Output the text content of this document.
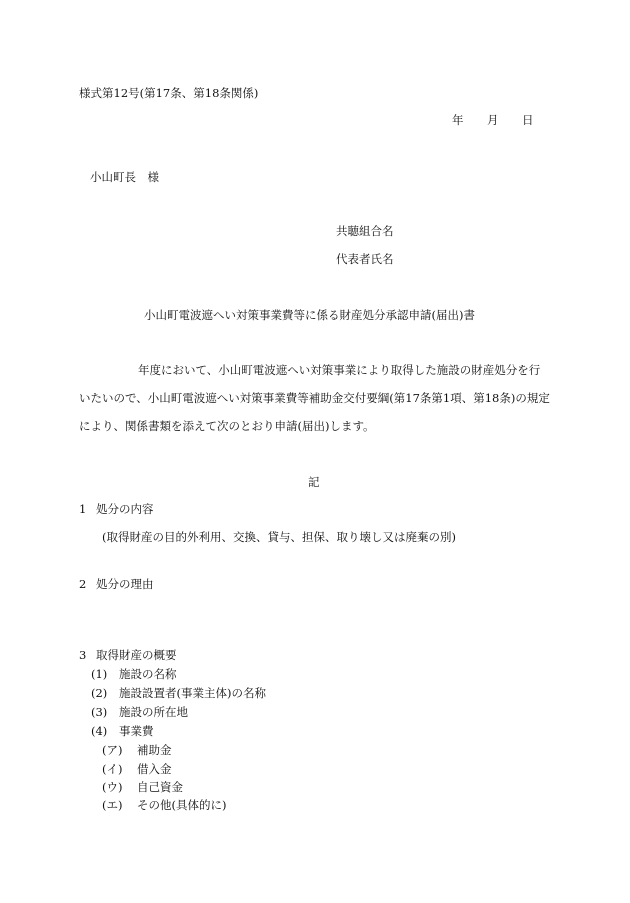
様式第12号(第17条、第18条関係)
年 月 日
小山町長　様
共聴組合名
代表者氏名
小山町電波遮へい対策事業費等に係る財産処分承認申請(届出)書
年度において、小山町電波遮へい対策事業により取得した施設の財産処分を行
いたいので、小山町電波遮へい対策事業費等補助金交付要綱(第17条第1項、第18条)の規定
により、関係書類を添えて次のとおり申請(届出)します。
記
1 処分の内容
(取得財産の目的外利用、交換、貸与、担保、取り壊し又は廃棄の別)
2 処分の理由
3 取得財産の概要
(1) 施設の名称
(2) 施設設置者(事業主体)の名称
(3) 施設の所在地
(4) 事業費
(ア) 補助金
(イ) 借入金
(ウ) 自己資金
(エ) その他(具体的に)
